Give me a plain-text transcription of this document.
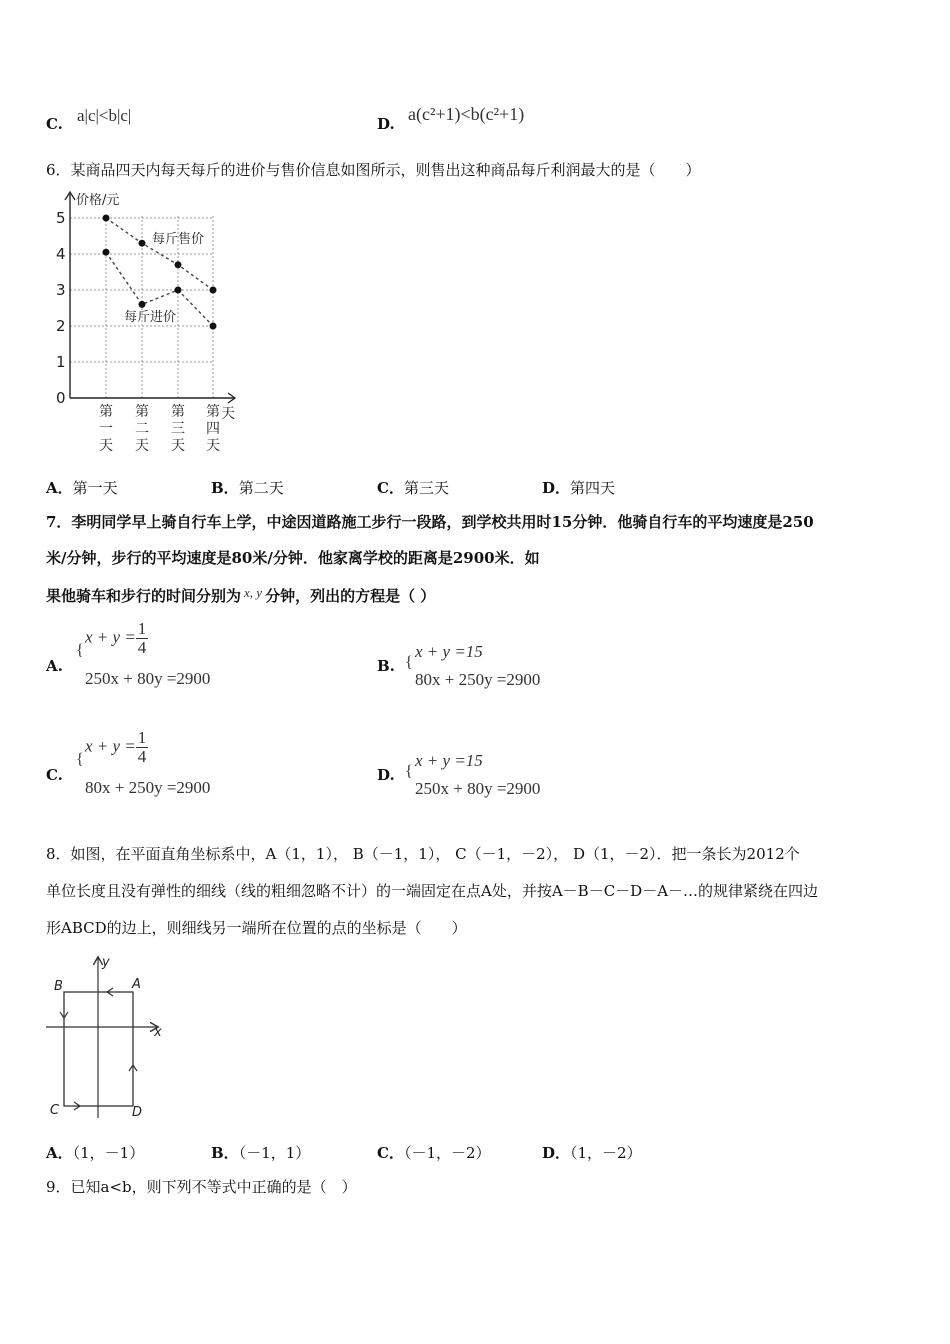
C. a|c|<b|c|	D. a(c²+1)<b(c²+1)
6．某商品四天内每天每斤的进价与售价信息如图所示，则售出这种商品每斤利润最大的是（　　）
0
1
2
3
4
5
第
一
天
第
二
天
第
三
天
第
四
天
价格/元
天
每斤售价
每斤进价
A．第一天	B．第二天	C．第三天	D．第四天
7．李明同学早上骑自行车上学，中途因道路施工步行一段路，到学校共用时15分钟．他骑自行车的平均速度是250
米/分钟，步行的平均速度是80米/分钟．他家离学校的距离是2900米．如
果他骑车和步行的时间分别为 x, y 分钟，列出的方程是（ ）
A.
{
$x + y = \frac{1}{4}$
250x + 80y =2900
B. {
x + y =15
80x + 250y =2900
C.
{
$x + y = \frac{1}{4}$
80x + 250y =2900
D. {
x + y =15
250x + 80y =2900
8．如图，在平面直角坐标系中，A（1，1）， B（－1，1）， C（－1，－2）， D（1，－2）．把一条长为2012个
单位长度且没有弹性的细线（线的粗细忽略不计）的一端固定在点A处，并按A－B－C－D－A－…的规律紧绕在四边
形ABCD的边上，则细线另一端所在位置的点的坐标是（　　）
y
x
A
B
C	D
A．（1，－1）	B．（－1，1）	C．（－1，－2）	D．（1，－2）
9．已知a<b，则下列不等式中正确的是（　）
